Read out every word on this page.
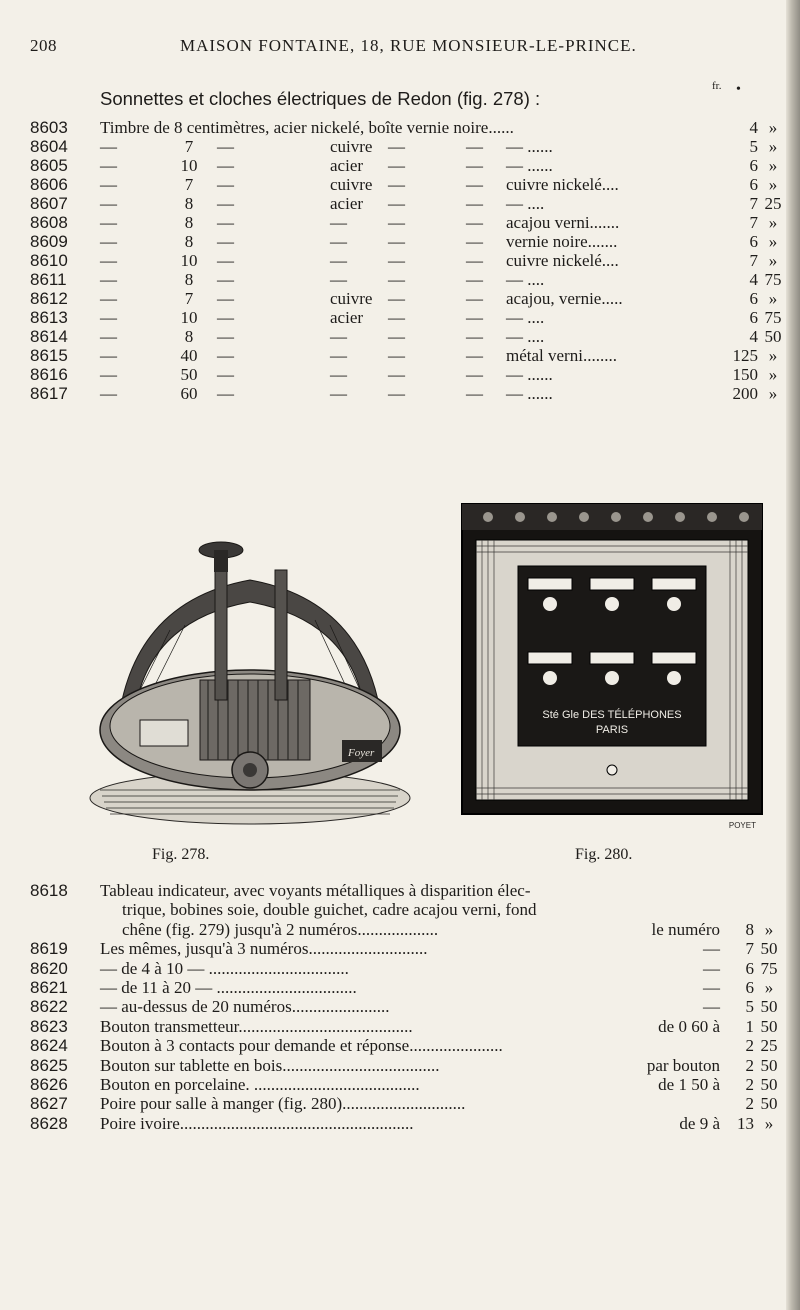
208	MAISON FONTAINE, 18, RUE MONSIEUR-LE-PRINCE.
Sonnettes et cloches électriques de Redon (fig. 278) :
fr. •
8603 Timbre de 8 centimètres, acier nickelé, boîte vernie noire......	4 »
8604 —	7	—	cuivre —	— — ......	5 »
8605 —	10	—	acier —	— — ......	6 »
8606 —	7	—	cuivre —	— cuivre nickelé....	6 »
8607 —	8	—	acier —	— — ....	7 25
8608 —	8	—	— —	— acajou verni.......	7 »
8609 —	8	—	— —	— vernie noire.......	6 »
8610 —	10	—	— —	— cuivre nickelé....	7 »
8611 —	8	—	— —	— — ....	4 75
8612 —	7	—	cuivre —	— acajou, vernie.....	6 »
8613 —	10	—	acier —	— — ....	6 75
8614 —	8	—	— —	— — ....	4 50
8615 —	40	—	— —	— métal verni........	125 »
8616 —	50	—	— —	— — ......	150 »
8617 —	60	—	— —	— — ......	200 »
Foyer
Sté Gle DES TÉLÉPHONES
PARIS
POYET
Fig. 278.	Fig. 280.
8618 Tableau indicateur, avec voyants métalliques à disparition élec-
trique, bobines soie, double guichet, cadre acajou verni, fond
chêne (fig. 279) jusqu'à 2 numéros...................	le numéro	8 »
8619 Les mêmes, jusqu'à 3 numéros............................	—	7 50
8620 — de 4 à 10 — .................................	—	6 75
8621 — de 11 à 20 — .................................	—	6 »
8622 — au-dessus de 20 numéros.......................	—	5 50
8623 Bouton transmetteur.........................................	de 0 60 à	1 50
8624 Bouton à 3 contacts pour demande et réponse......................	2 25
8625 Bouton sur tablette en bois.....................................	par bouton	2 50
8626 Bouton en porcelaine. .......................................	de 1 50 à	2 50
8627 Poire pour salle à manger (fig. 280).............................	2 50
8628 Poire ivoire.......................................................	de 9 à	13 »
